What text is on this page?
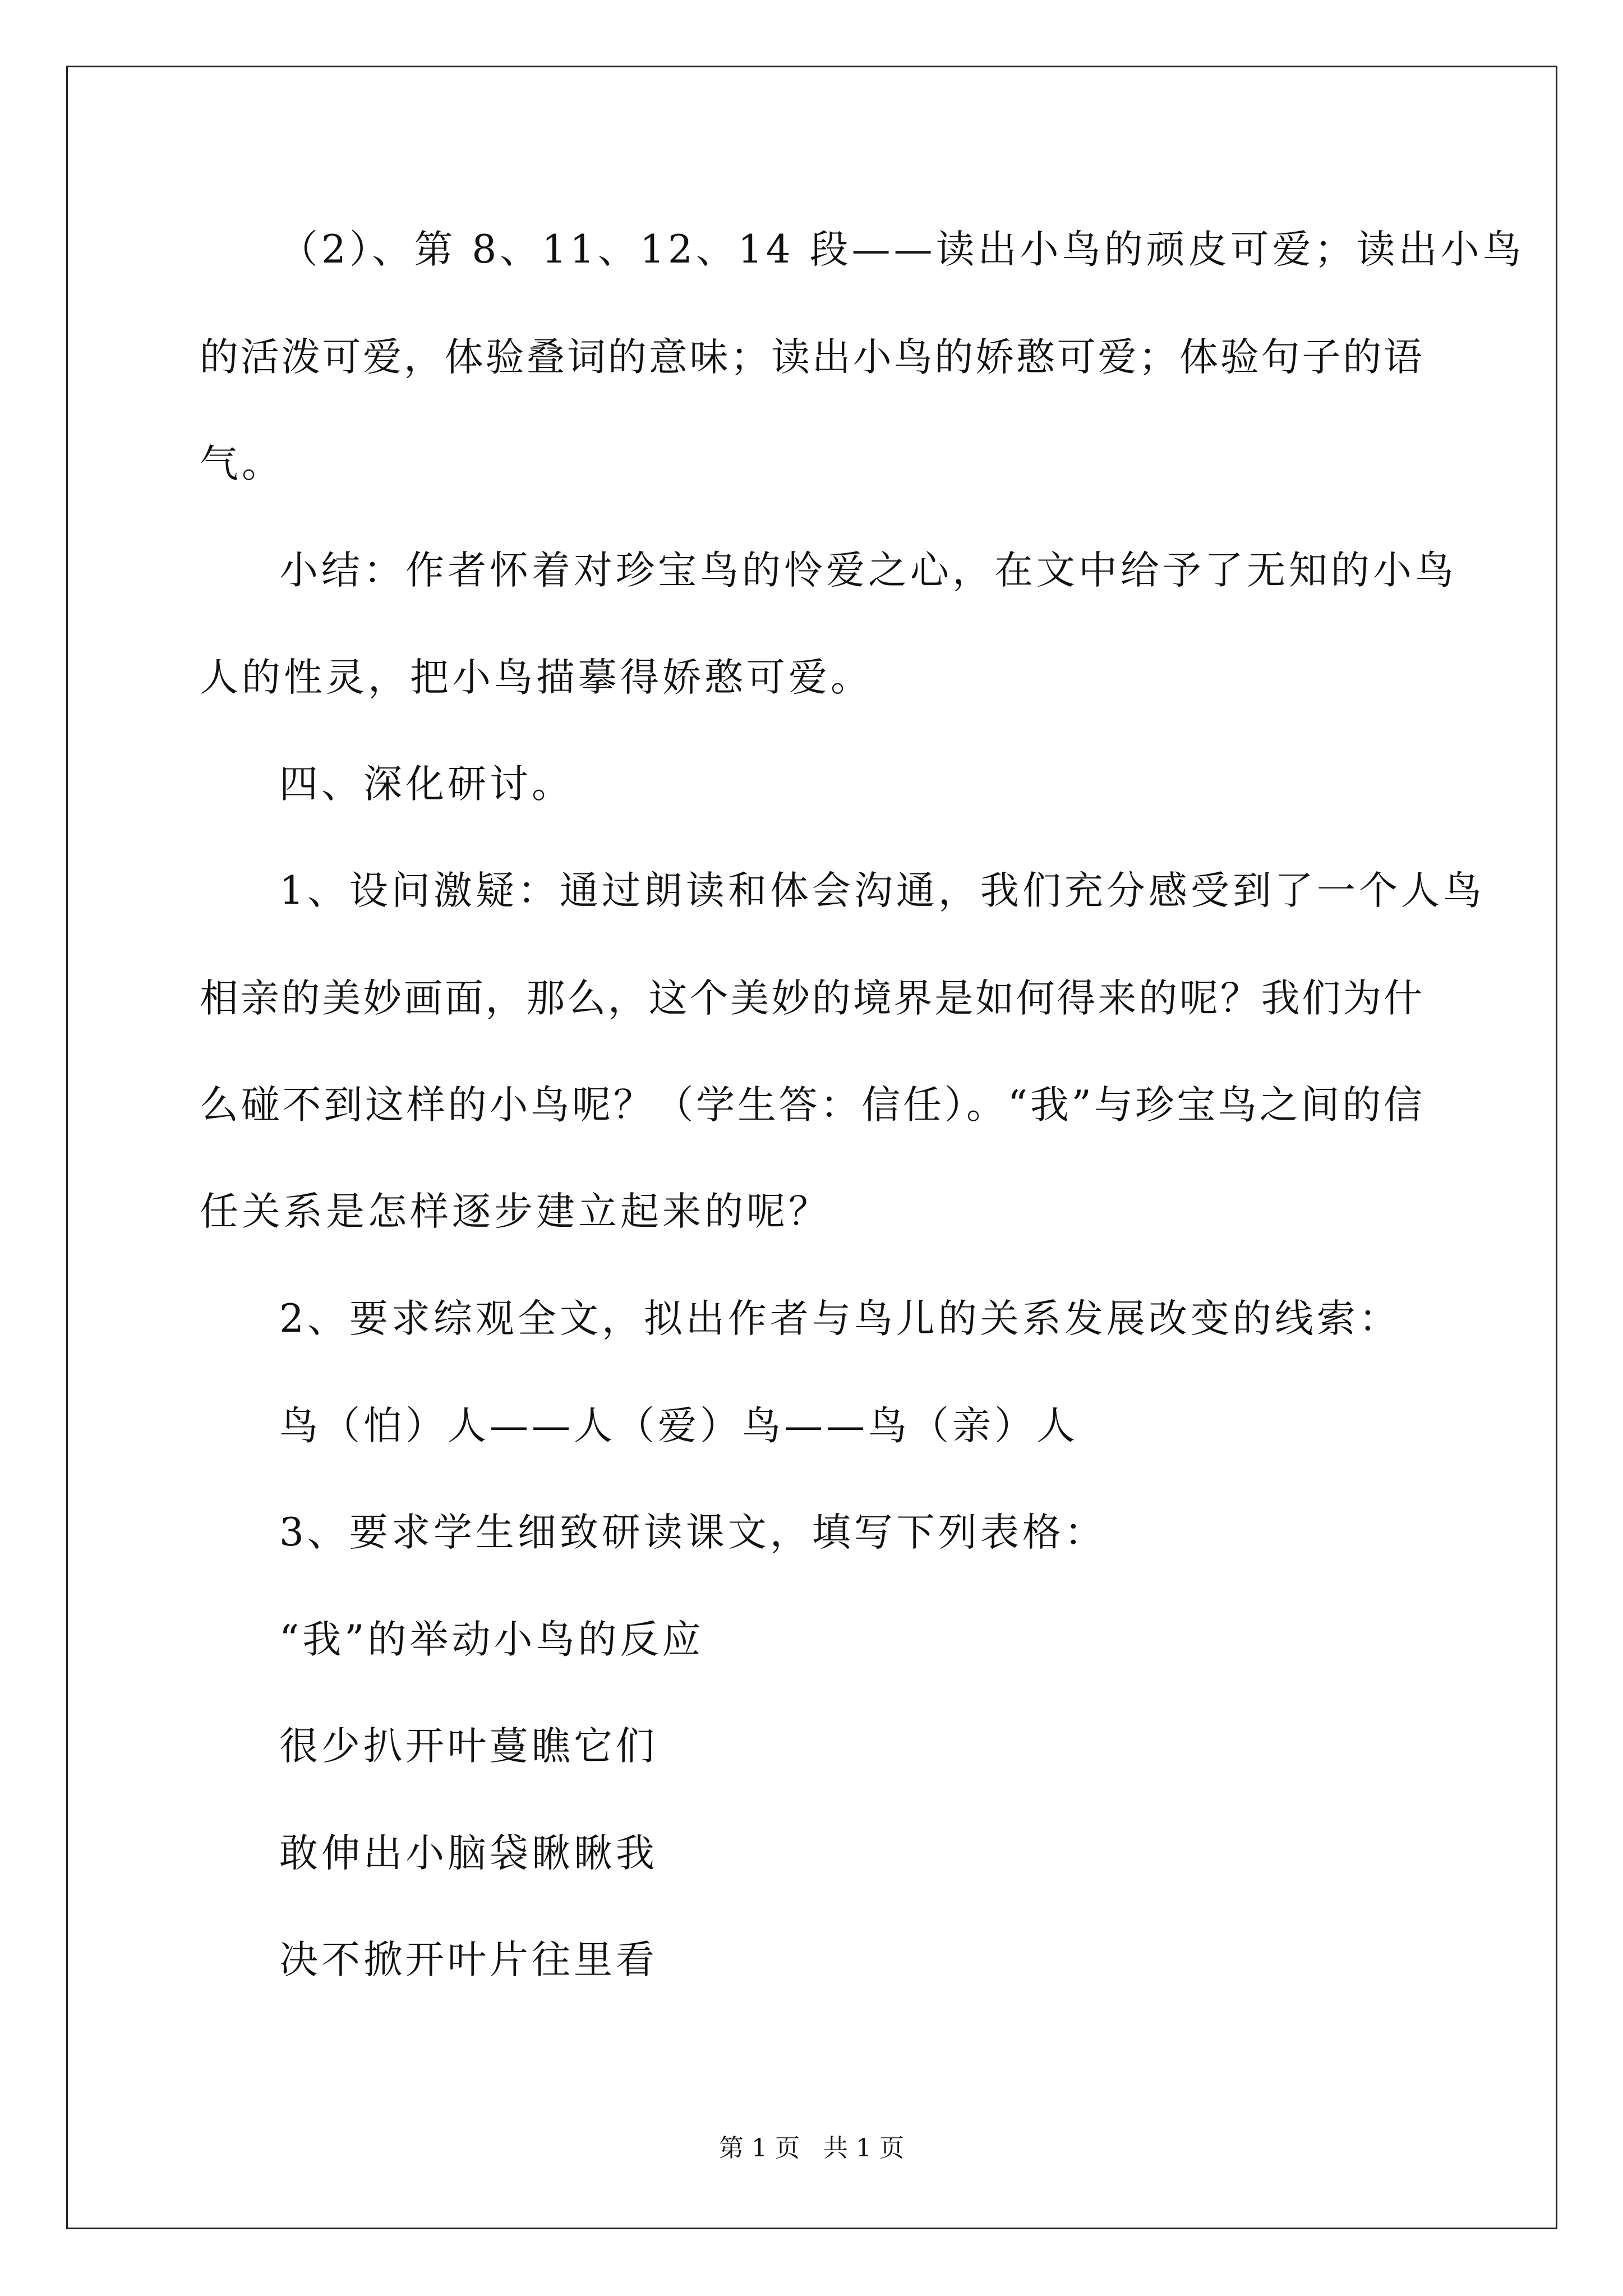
（2）、第 8、11、12、14 段——读出小鸟的顽皮可爱；读出小鸟
的活泼可爱，体验叠词的意味；读出小鸟的娇憨可爱；体验句子的语
气。
小结：作者怀着对珍宝鸟的怜爱之心，在文中给予了无知的小鸟
人的性灵，把小鸟描摹得娇憨可爱。
四、深化研讨。
1、设问激疑：通过朗读和体会沟通，我们充分感受到了一个人鸟
相亲的美妙画面，那么，这个美妙的境界是如何得来的呢？我们为什
么碰不到这样的小鸟呢？（学生答：信任）。“我”与珍宝鸟之间的信
任关系是怎样逐步建立起来的呢？
2、要求综观全文，拟出作者与鸟儿的关系发展改变的线索：
鸟（怕）人——人（爱）鸟——鸟（亲）人
3、要求学生细致研读课文，填写下列表格：
“我”的举动小鸟的反应
很少扒开叶蔓瞧它们
敢伸出小脑袋瞅瞅我
决不掀开叶片往里看
第 1 页 共 1 页
